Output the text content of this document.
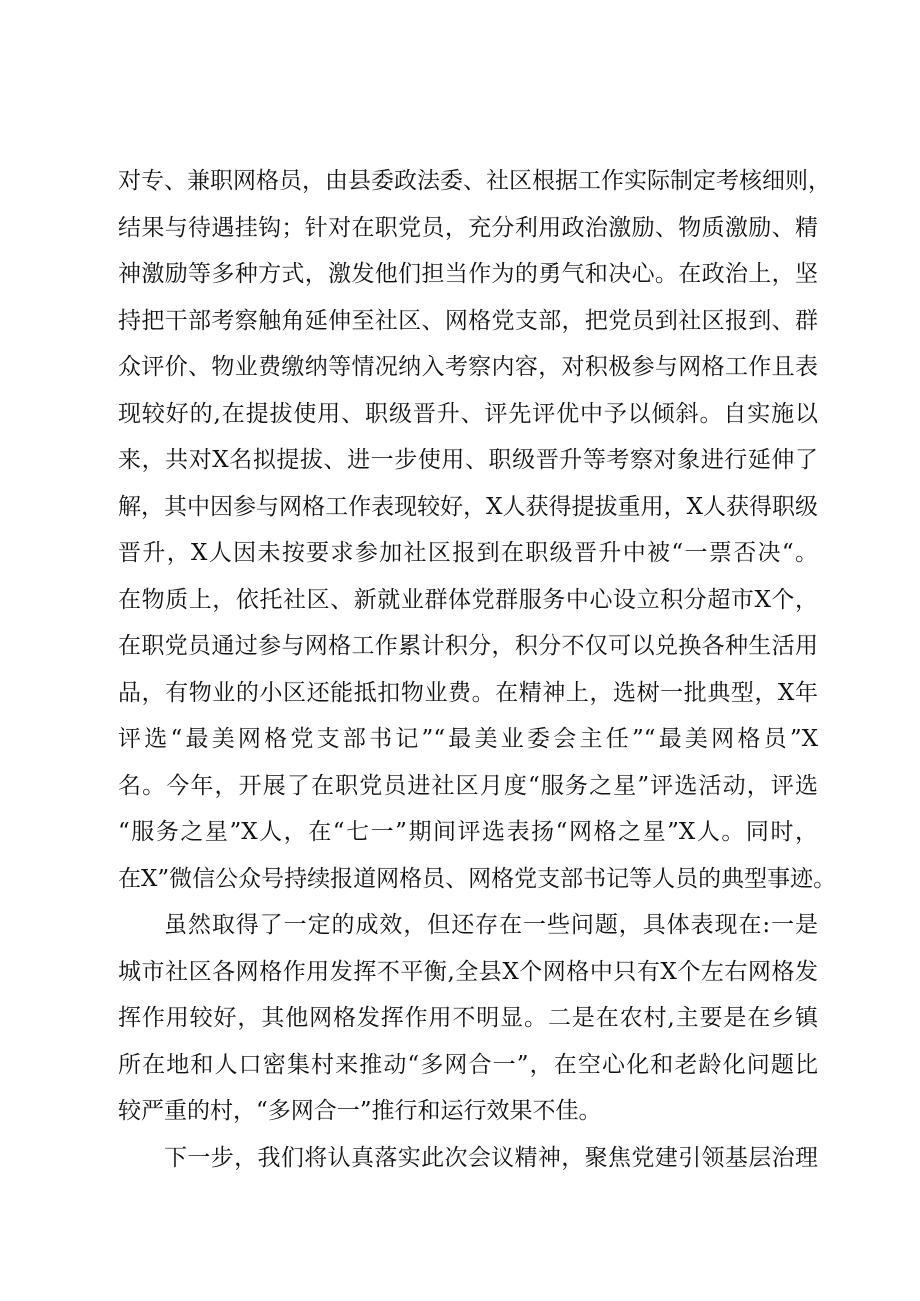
对专、兼职网格员，由县委政法委、社区根据工作实际制定考核细则，
结果与待遇挂钩；针对在职党员，充分利用政治激励、物质激励、精
神激励等多种方式，激发他们担当作为的勇气和决心。在政治上，坚
持把干部考察触角延伸至社区、网格党支部，把党员到社区报到、群
众评价、物业费缴纳等情况纳入考察内容，对积极参与网格工作且表
现较好的,在提拔使用、职级晋升、评先评优中予以倾斜。自实施以
来，共对X名拟提拔、进一步使用、职级晋升等考察对象进行延伸了
解，其中因参与网格工作表现较好，X人获得提拔重用，X人获得职级
晋升，X人因未按要求参加社区报到在职级晋升中被“一票否决“。
在物质上，依托社区、新就业群体党群服务中心设立积分超市X个，
在职党员通过参与网格工作累计积分，积分不仅可以兑换各种生活用
品，有物业的小区还能抵扣物业费。在精神上，选树一批典型，X年
评选“最美网格党支部书记”“最美业委会主任”“最美网格员”X
名。今年，开展了在职党员进社区月度“服务之星”评选活动，评选
“服务之星”X人，在“七一”期间评选表扬“网格之星”X人。同时，
在X”微信公众号持续报道网格员、网格党支部书记等人员的典型事迹。
虽然取得了一定的成效，但还存在一些问题，具体表现在:一是
城市社区各网格作用发挥不平衡,全县X个网格中只有X个左右网格发
挥作用较好，其他网格发挥作用不明显。二是在农村,主要是在乡镇
所在地和人口密集村来推动“多网合一”，在空心化和老龄化问题比
较严重的村，“多网合一”推行和运行效果不佳。
下一步，我们将认真落实此次会议精神，聚焦党建引领基层治理
